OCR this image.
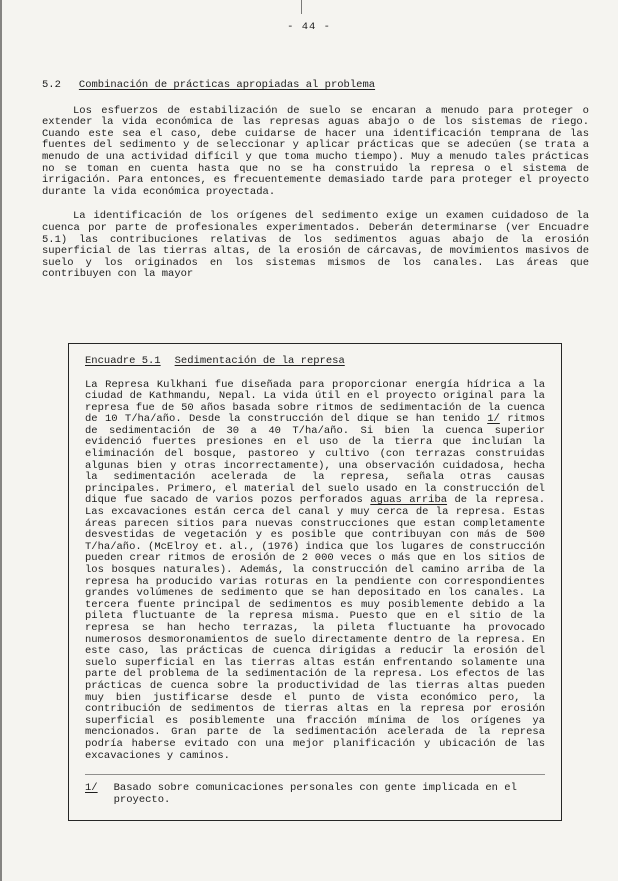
- 44 -
5.2 Combinación de prácticas apropiadas al problema

Los esfuerzos de estabilización de suelo se encaran a menudo para proteger o extender la vida económica de las represas aguas abajo o de los sistemas de riego. Cuando este sea el caso, debe cuidarse de hacer una identificación temprana de las fuentes del sedimento y de seleccionar y aplicar prácticas que se adecúen (se trata a menudo de una actividad difícil y que toma mucho tiempo). Muy a menudo tales prácticas no se toman en cuenta hasta que no se ha construido la represa o el sistema de irrigación. Para entonces, es frecuentemente demasiado tarde para proteger el proyecto durante la vida económica proyectada.

La identificación de los orígenes del sedimento exige un examen cuidadoso de la cuenca por parte de profesionales experimentados. Deberán determinarse (ver Encuadre 5.1) las contribuciones relativas de los sedimentos aguas abajo de la erosión superficial de las tierras altas, de la erosión de cárcavas, de movimientos masivos de suelo y los originados en los sistemas mismos de los canales. Las áreas que contribuyen con la mayor

Encuadre 5.1 Sedimentación de la represa

La Represa Kulkhani fue diseñada para proporcionar energía hídrica a la ciudad de Kathmandu, Nepal. La vida útil en el proyecto original para la represa fue de 50 años basada sobre ritmos de sedimentación de la cuenca de 10 T/ha/año. Desde la construcción del dique se han tenido 1/ ritmos de sedimentación de 30 a 40 T/ha/año. Si bien la cuenca superior evidenció fuertes presiones en el uso de la tierra que incluían la eliminación del bosque, pastoreo y cultivo (con terrazas construidas algunas bien y otras incorrectamente), una observación cuidadosa, hecha la sedimentación acelerada de la represa, señala otras causas principales. Primero, el material del suelo usado en la construcción del dique fue sacado de varios pozos perforados aguas arriba de la represa. Las excavaciones están cerca del canal y muy cerca de la represa. Estas áreas parecen sitios para nuevas construcciones que estan completamente desvestidas de vegetación y es posible que contribuyan con más de 500 T/ha/año. (McElroy et. al., (1976) indica que los lugares de construcción pueden crear ritmos de erosión de 2 000 veces o más que en los sitios de los bosques naturales). Además, la construcción del camino arriba de la represa ha producido varias roturas en la pendiente con correspondientes grandes volúmenes de sedimento que se han depositado en los canales. La tercera fuente principal de sedimentos es muy posiblemente debido a la pileta fluctuante de la represa misma. Puesto que en el sitio de la represa se han hecho terrazas, la pileta fluctuante ha provocado numerosos desmoronamientos de suelo directamente dentro de la represa. En este caso, las prácticas de cuenca dirigidas a reducir la erosión del suelo superficial en las tierras altas están enfrentando solamente una parte del problema de la sedimentación de la represa. Los efectos de las prácticas de cuenca sobre la productividad de las tierras altas pueden muy bien justificarse desde el punto de vista económico pero, la contribución de sedimentos de tierras altas en la represa por erosión superficial es posiblemente una fracción mínima de los orígenes ya mencionados. Gran parte de la sedimentación acelerada de la represa podría haberse evitado con una mejor planificación y ubicación de las excavaciones y caminos.

1/ Basado sobre comunicaciones personales con gente implicada en el proyecto.
